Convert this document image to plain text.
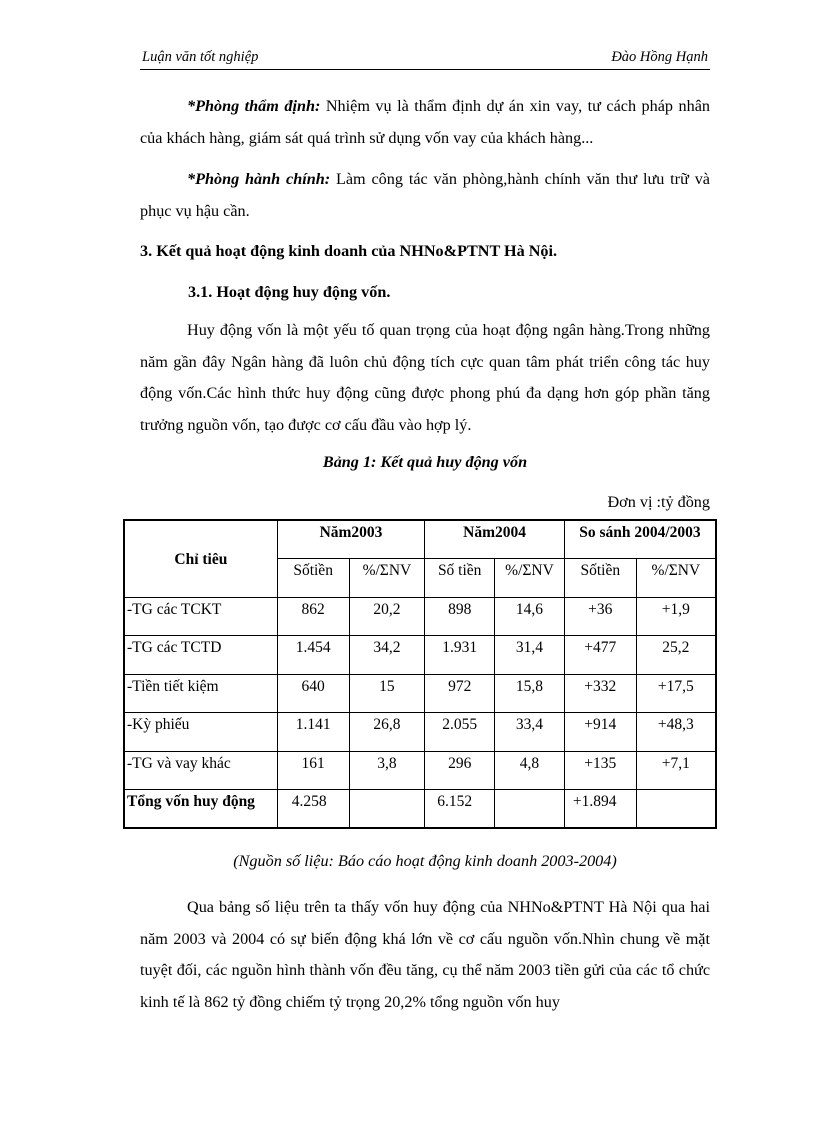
Luận văn tốt nghiệp	Đào Hồng Hạnh

*Phòng thẩm định: Nhiệm vụ là thẩm định dự án xin vay, tư cách pháp nhân của khách hàng, giám sát quá trình sử dụng vốn vay của khách hàng...

*Phòng hành chính: Làm công tác văn phòng,hành chính văn thư lưu trữ và phục vụ hậu cần.

3. Kết quả hoạt động kinh doanh của NHNo&PTNT Hà Nội.

3.1. Hoạt động huy động vốn.

Huy động vốn là một yếu tố quan trọng của hoạt động ngân hàng.Trong những năm gần đây Ngân hàng đã luôn chủ động tích cực quan tâm phát triển công tác huy động vốn.Các hình thức huy động cũng được phong phú đa dạng hơn góp phần tăng trưởng nguồn vốn, tạo được cơ cấu đầu vào hợp lý.

Bảng 1: Kết quả huy động vốn
Đơn vị :tỷ đồng
Chỉ tiêu	Năm2003		Năm2004		So sánh 2004/2003	
	Sốtiền	%/ΣNV	Số tiền	%/ΣNV	Sốtiền	%/ΣNV
-TG các TCKT	862	20,2	898	14,6	+36	+1,9
-TG các TCTD	1.454	34,2	1.931	31,4	+477	25,2
-Tiền tiết kiệm	640	15	972	15,8	+332	+17,5
-Kỳ phiếu	1.141	26,8	2.055	33,4	+914	+48,3
-TG và vay khác	161	3,8	296	4,8	+135	+7,1
Tổng vốn huy động	4.258		6.152		+1.894	
(Nguồn số liệu: Báo cáo hoạt động kinh doanh 2003-2004)

Qua bảng số liệu trên ta thấy vốn huy động của NHNo&PTNT Hà Nội qua hai năm 2003 và 2004 có sự biến động khá lớn về cơ cấu nguồn vốn.Nhìn chung về mặt tuyệt đối, các nguồn hình thành vốn đều tăng, cụ thể năm 2003 tiền gửi của các tổ chức kinh tế là 862 tỷ đồng chiếm tỷ trọng 20,2% tổng nguồn vốn huy
